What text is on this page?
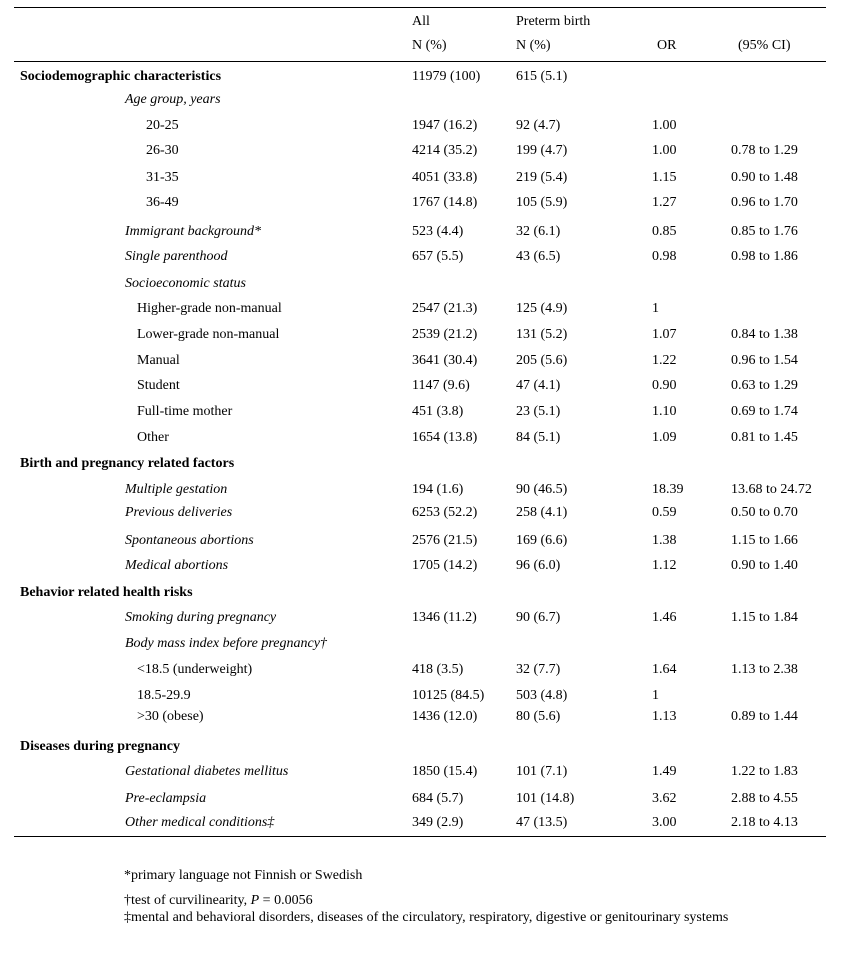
All
N (%)
Preterm birth
N (%)	OR	(95% CI)
Sociodemographic characteristics	11979 (100)	615 (5.1)
Age group, years
20-25	1947 (16.2)	92 (4.7)	1.00
26-30	4214 (35.2)	199 (4.7)	1.00	0.78 to 1.29
31-35	4051 (33.8)	219 (5.4)	1.15	0.90 to 1.48
36-49	1767 (14.8)	105 (5.9)	1.27	0.96 to 1.70
Immigrant background*	523 (4.4)	32 (6.1)	0.85	0.85 to 1.76
Single parenthood	657 (5.5)	43 (6.5)	0.98	0.98 to 1.86
Socioeconomic status
Higher-grade non-manual	2547 (21.3)	125 (4.9)	1
Lower-grade non-manual	2539 (21.2)	131 (5.2)	1.07	0.84 to 1.38
Manual	3641 (30.4)	205 (5.6)	1.22	0.96 to 1.54
Student	1147 (9.6)	47 (4.1)	0.90	0.63 to 1.29
Full-time mother	451 (3.8)	23 (5.1)	1.10	0.69 to 1.74
Other	1654 (13.8)	84 (5.1)	1.09	0.81 to 1.45
Birth and pregnancy related factors
Multiple gestation	194 (1.6)	90 (46.5)	18.39	13.68 to 24.72
Previous deliveries	6253 (52.2)	258 (4.1)	0.59	0.50 to 0.70
Spontaneous abortions	2576 (21.5)	169 (6.6)	1.38	1.15 to 1.66
Medical abortions	1705 (14.2)	96 (6.0)	1.12	0.90 to 1.40
Behavior related health risks
Smoking during pregnancy	1346 (11.2)	90 (6.7)	1.46	1.15 to 1.84
Body mass index before pregnancy†
<18.5 (underweight)	418 (3.5)	32 (7.7)	1.64	1.13 to 2.38
18.5-29.9	10125 (84.5) 503 (4.8)	1
>30 (obese)	1436 (12.0)	80 (5.6)	1.13	0.89 to 1.44
Diseases during pregnancy
Gestational diabetes mellitus	1850 (15.4)	101 (7.1)	1.49	1.22 to 1.83
Pre-eclampsia	684 (5.7)	101 (14.8)	3.62	2.88 to 4.55
Other medical conditions‡	349 (2.9)	47 (13.5)	3.00	2.18 to 4.13
*primary language not Finnish or Swedish
†test of curvilinearity, P = 0.0056
‡mental and behavioral disorders, diseases of the circulatory, respiratory, digestive or genitourinary systems
